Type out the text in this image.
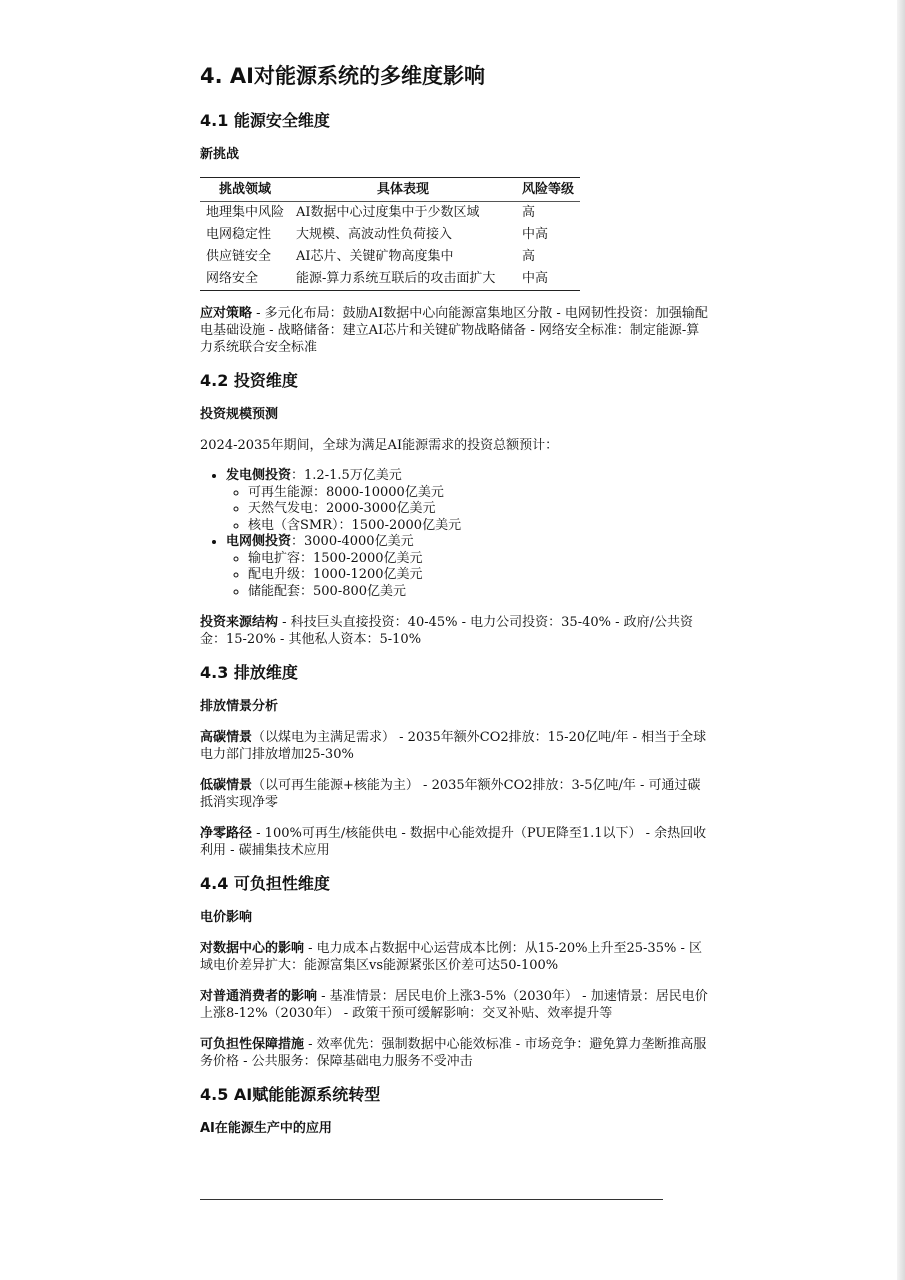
4. AI对能源系统的多维度影响
4.1 能源安全维度
新挑战
挑战领域	具体表现	风险等级
地理集中风险	AI数据中心过度集中于少数区域	高
电网稳定性	大规模、高波动性负荷接入	中高
供应链安全	AI芯片、关键矿物高度集中	高
网络安全	能源-算力系统互联后的攻击面扩大	中高

应对策略 - 多元化布局：鼓励AI数据中心向能源富集地区分散 - 电网韧性投资：加强输配电基础设施 - 战略储备：建立AI芯片和关键矿物战略储备 - 网络安全标准：制定能源-算力系统联合安全标准

4.2 投资维度
投资规模预测

2024-2035年期间，全球为满足AI能源需求的投资总额预计：

• 发电侧投资：1.2-1.5万亿美元
◦ 可再生能源：8000-10000亿美元
◦ 天然气发电：2000-3000亿美元
◦ 核电（含SMR）：1500-2000亿美元
• 电网侧投资：3000-4000亿美元
◦ 输电扩容：1500-2000亿美元
◦ 配电升级：1000-1200亿美元
◦ 储能配套：500-800亿美元

投资来源结构 - 科技巨头直接投资：40-45% - 电力公司投资：35-40% - 政府/公共资金：15-20% - 其他私人资本：5-10%

4.3 排放维度
排放情景分析

高碳情景（以煤电为主满足需求） - 2035年额外CO2排放：15-20亿吨/年 - 相当于全球电力部门排放增加25-30%

低碳情景（以可再生能源+核能为主） - 2035年额外CO2排放：3-5亿吨/年 - 可通过碳抵消实现净零

净零路径 - 100%可再生/核能供电 - 数据中心能效提升（PUE降至1.1以下） - 余热回收利用 - 碳捕集技术应用

4.4 可负担性维度
电价影响

对数据中心的影响 - 电力成本占数据中心运营成本比例：从15-20%上升至25-35% - 区域电价差异扩大：能源富集区vs能源紧张区价差可达50-100%

对普通消费者的影响 - 基准情景：居民电价上涨3-5%（2030年） - 加速情景：居民电价上涨8-12%（2030年） - 政策干预可缓解影响：交叉补贴、效率提升等

可负担性保障措施 - 效率优先：强制数据中心能效标准 - 市场竞争：避免算力垄断推高服务价格 - 公共服务：保障基础电力服务不受冲击

4.5 AI赋能能源系统转型
AI在能源生产中的应用
